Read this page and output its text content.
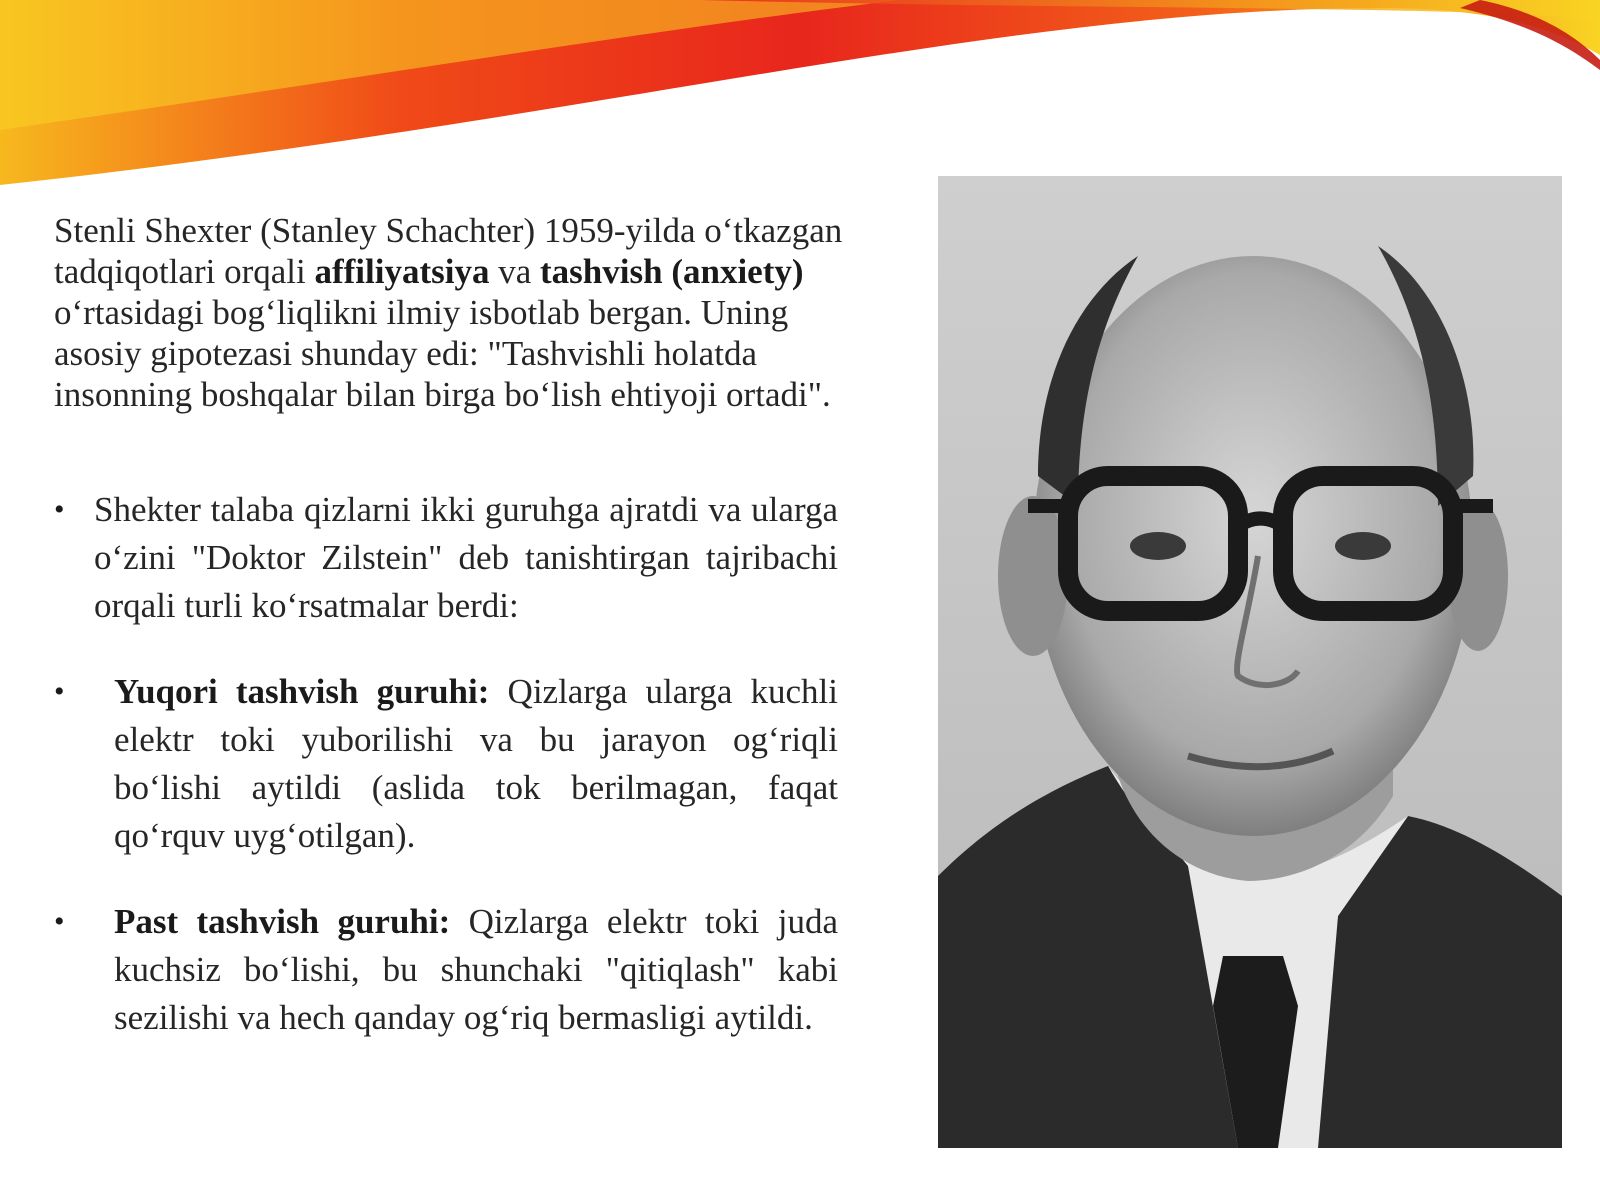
Stenli Shexter (Stanley Schachter) 1959-yilda o‘tkazgan tadqiqotlari orqali affiliyatsiya va tashvish (anxiety) o‘rtasidagi bog‘liqlikni ilmiy isbotlab bergan. Uning asosiy gipotezasi shunday edi: "Tashvishli holatda insonning boshqalar bilan birga bo‘lish ehtiyoji ortadi".

• Shekter talaba qizlarni ikki guruhga ajratdi va ularga o‘zini "Doktor Zilstein" deb tanishtirgan tajribachi orqali turli ko‘rsatmalar berdi:

• Yuqori tashvish guruhi: Qizlarga ularga kuchli elektr toki yuborilishi va bu jarayon og‘riqli bo‘lishi aytildi (aslida tok berilmagan, faqat qo‘rquv uyg‘otilgan).

• Past tashvish guruhi: Qizlarga elektr toki juda kuchsiz bo‘lishi, bu shunchaki "qitiqlash" kabi sezilishi va hech qanday og‘riq bermasligi aytildi.
